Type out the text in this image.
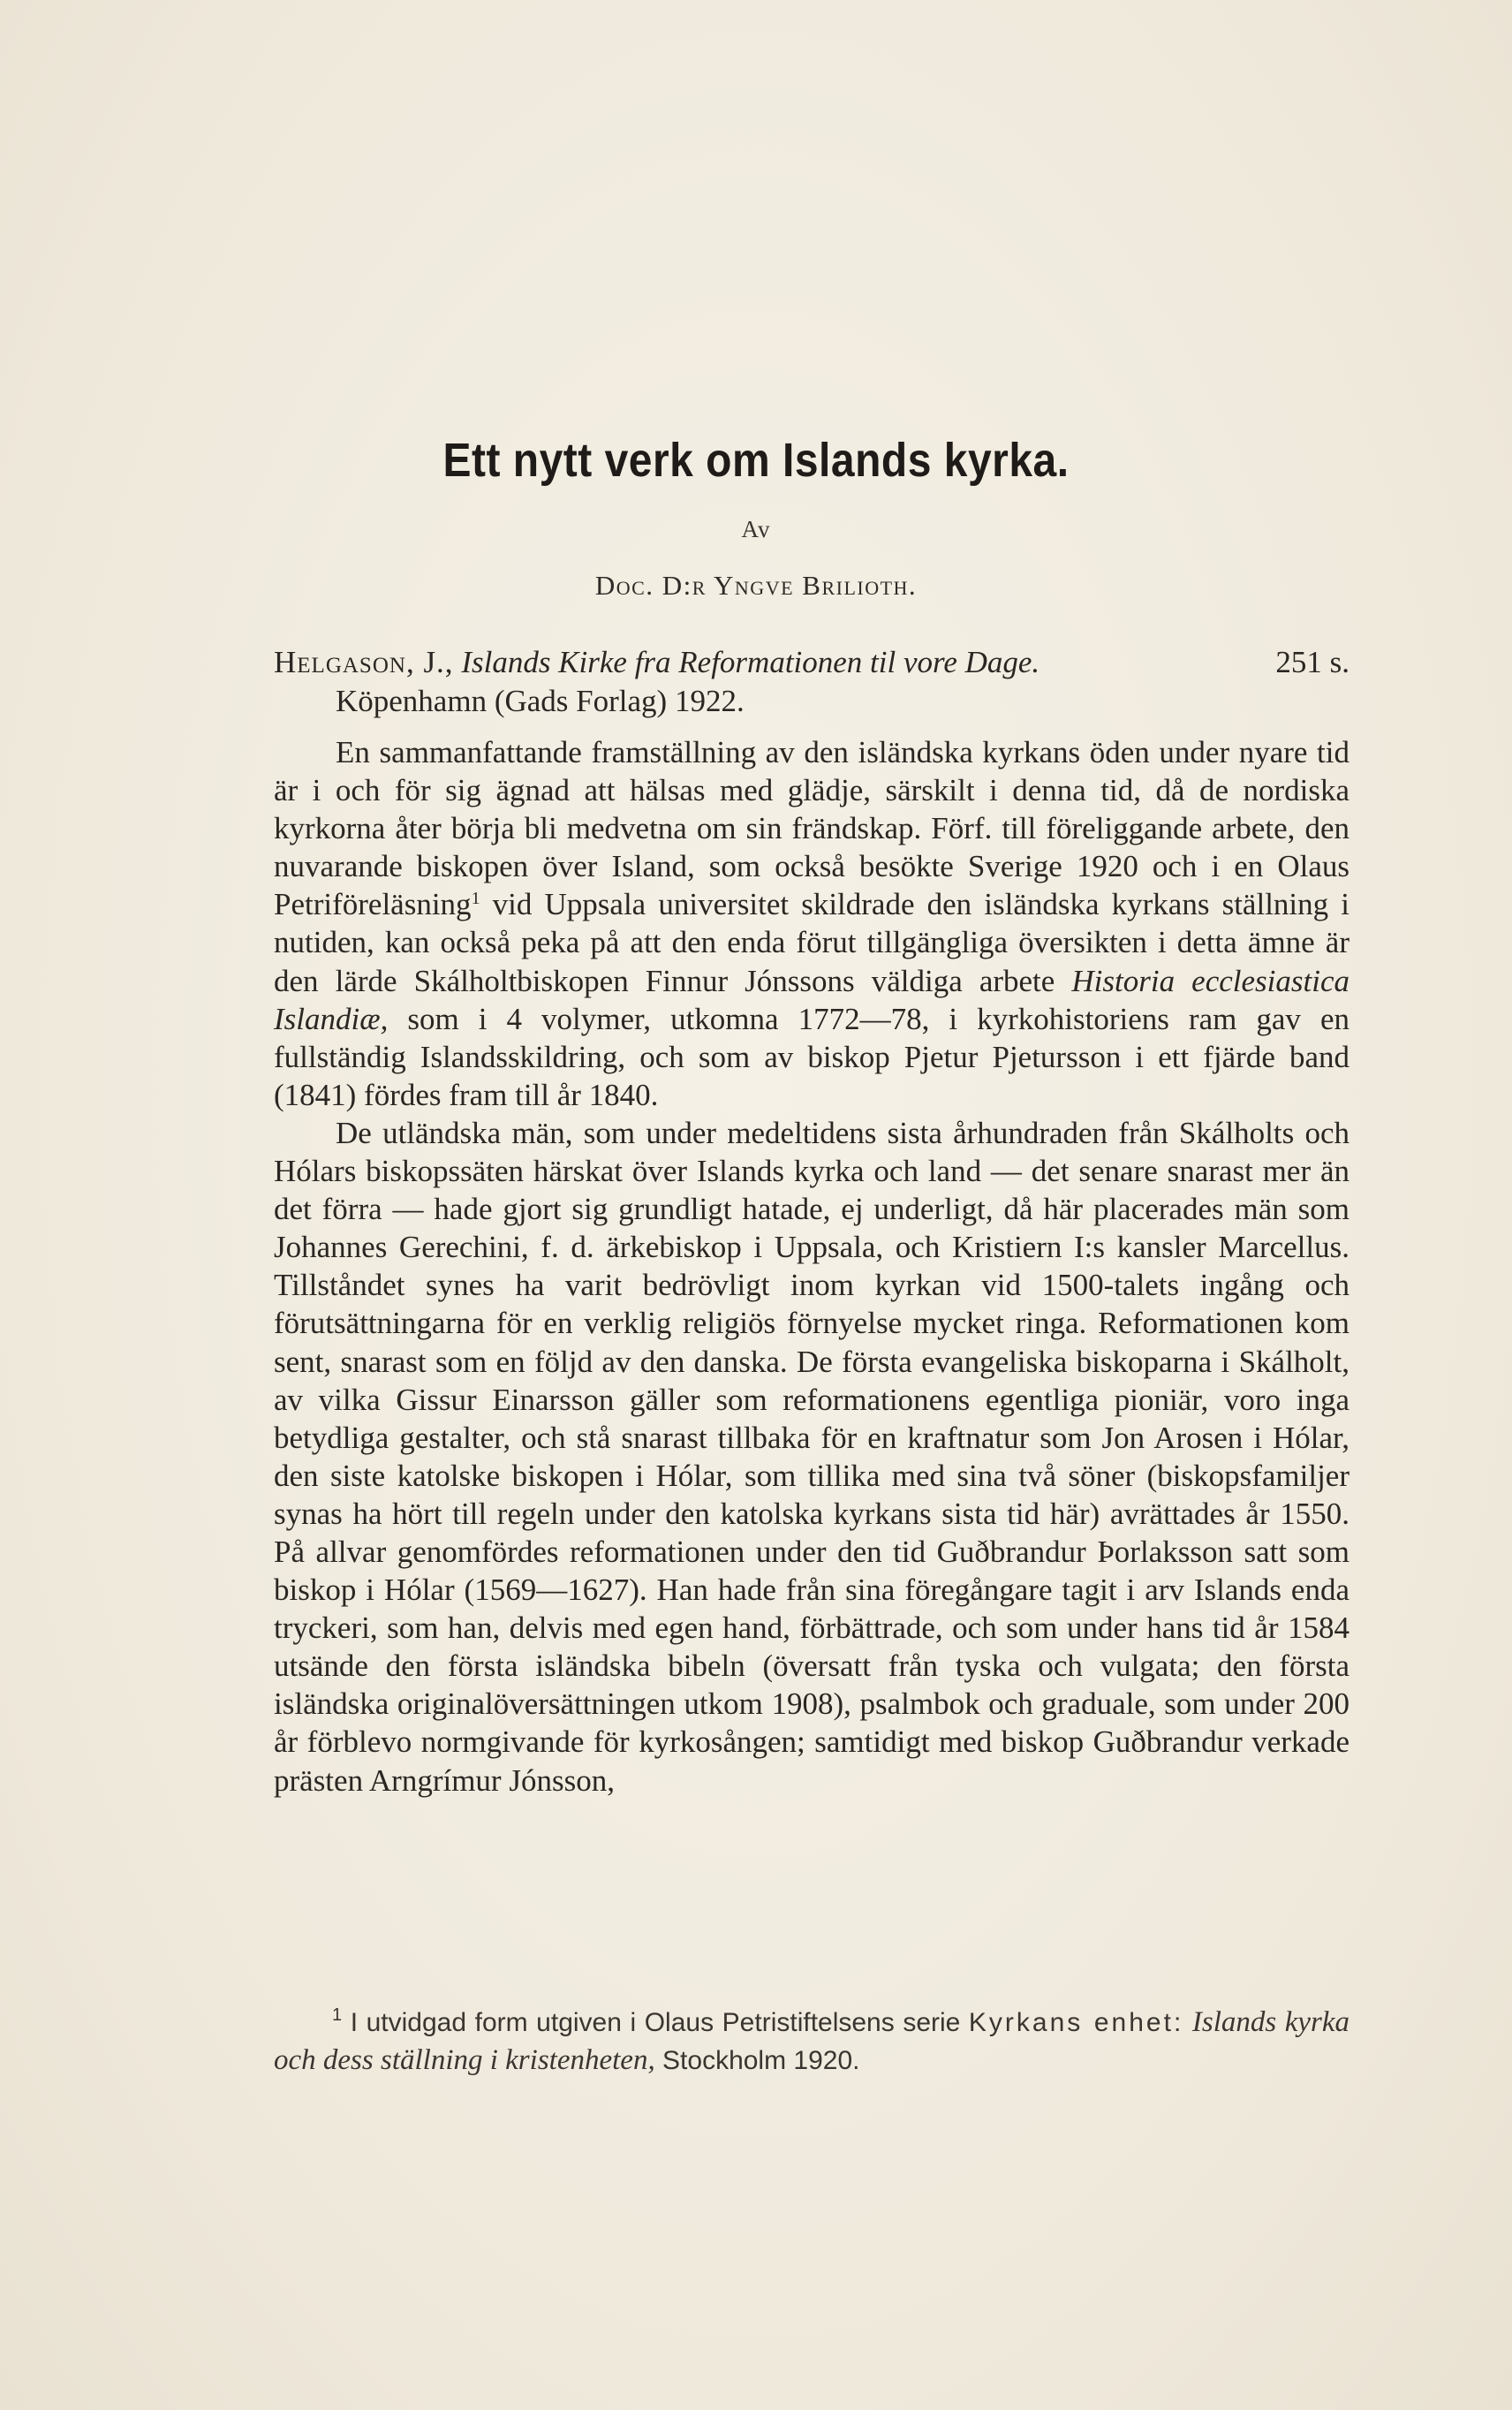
Ett nytt verk om Islands kyrka.
Av
Doc. D:r Yngve Brilioth.
Helgason, J., Islands Kirke fra Reformationen til vore Dage.	251 s.
Köpenhamn (Gads Forlag) 1922.

En sammanfattande framställning av den isländska kyrkans öden under nyare tid är i och för sig ägnad att hälsas med glädje, särskilt i denna tid, då de nordiska kyrkorna åter börja bli medvetna om sin frändskap. Förf. till föreliggande arbete, den nuvarande biskopen över Island, som också besökte Sverige 1920 och i en Olaus Petriföreläsning$^1$ vid Uppsala universitet skildrade den isländska kyrkans ställning i nutiden, kan också peka på att den enda förut tillgängliga översikten i detta ämne är den lärde Skálholtbiskopen Finnur Jónssons väldiga arbete Historia ecclesiastica Islandiæ, som i 4 volymer, utkomna 1772—78, i kyrkohistoriens ram gav en fullständig Islandsskildring, och som av biskop Pjetur Pjetursson i ett fjärde band (1841) fördes fram till år 1840.

De utländska män, som under medeltidens sista århundraden från Skálholts och Hólars biskopssäten härskat över Islands kyrka och land — det senare snarast mer än det förra — hade gjort sig grundligt hatade, ej underligt, då här placerades män som Johannes Gerechini, f. d. ärkebiskop i Uppsala, och Kristiern I:s kansler Marcellus. Tillståndet synes ha varit bedrövligt inom kyrkan vid 1500-talets ingång och förutsättningarna för en verklig religiös förnyelse mycket ringa. Reformationen kom sent, snarast som en följd av den danska. De första evangeliska biskoparna i Skálholt, av vilka Gissur Einarsson gäller som reformationens egentliga pioniär, voro inga betydliga gestalter, och stå snarast tillbaka för en kraftnatur som Jon Arosen i Hólar, den siste katolske biskopen i Hólar, som tillika med sina två söner (biskopsfamiljer synas ha hört till regeln under den katolska kyrkans sista tid här) avrättades år 1550. På allvar genomfördes reformationen under den tid Guðbrandur Þorlaksson satt som biskop i Hólar (1569—1627). Han hade från sina föregångare tagit i arv Islands enda tryckeri, som han, delvis med egen hand, förbättrade, och som under hans tid år 1584 utsände den första isländska bibeln (översatt från tyska och vulgata; den första isländska originalöversättningen utkom 1908), psalmbok och graduale, som under 200 år förblevo normgivande för kyrkosången; samtidigt med biskop Guðbrandur verkade prästen Arngrímur Jónsson,

$^1$ I utvidgad form utgiven i Olaus Petristiftelsens serie Kyrkans enhet: Islands kyrka och dess ställning i kristenheten, Stockholm 1920.
